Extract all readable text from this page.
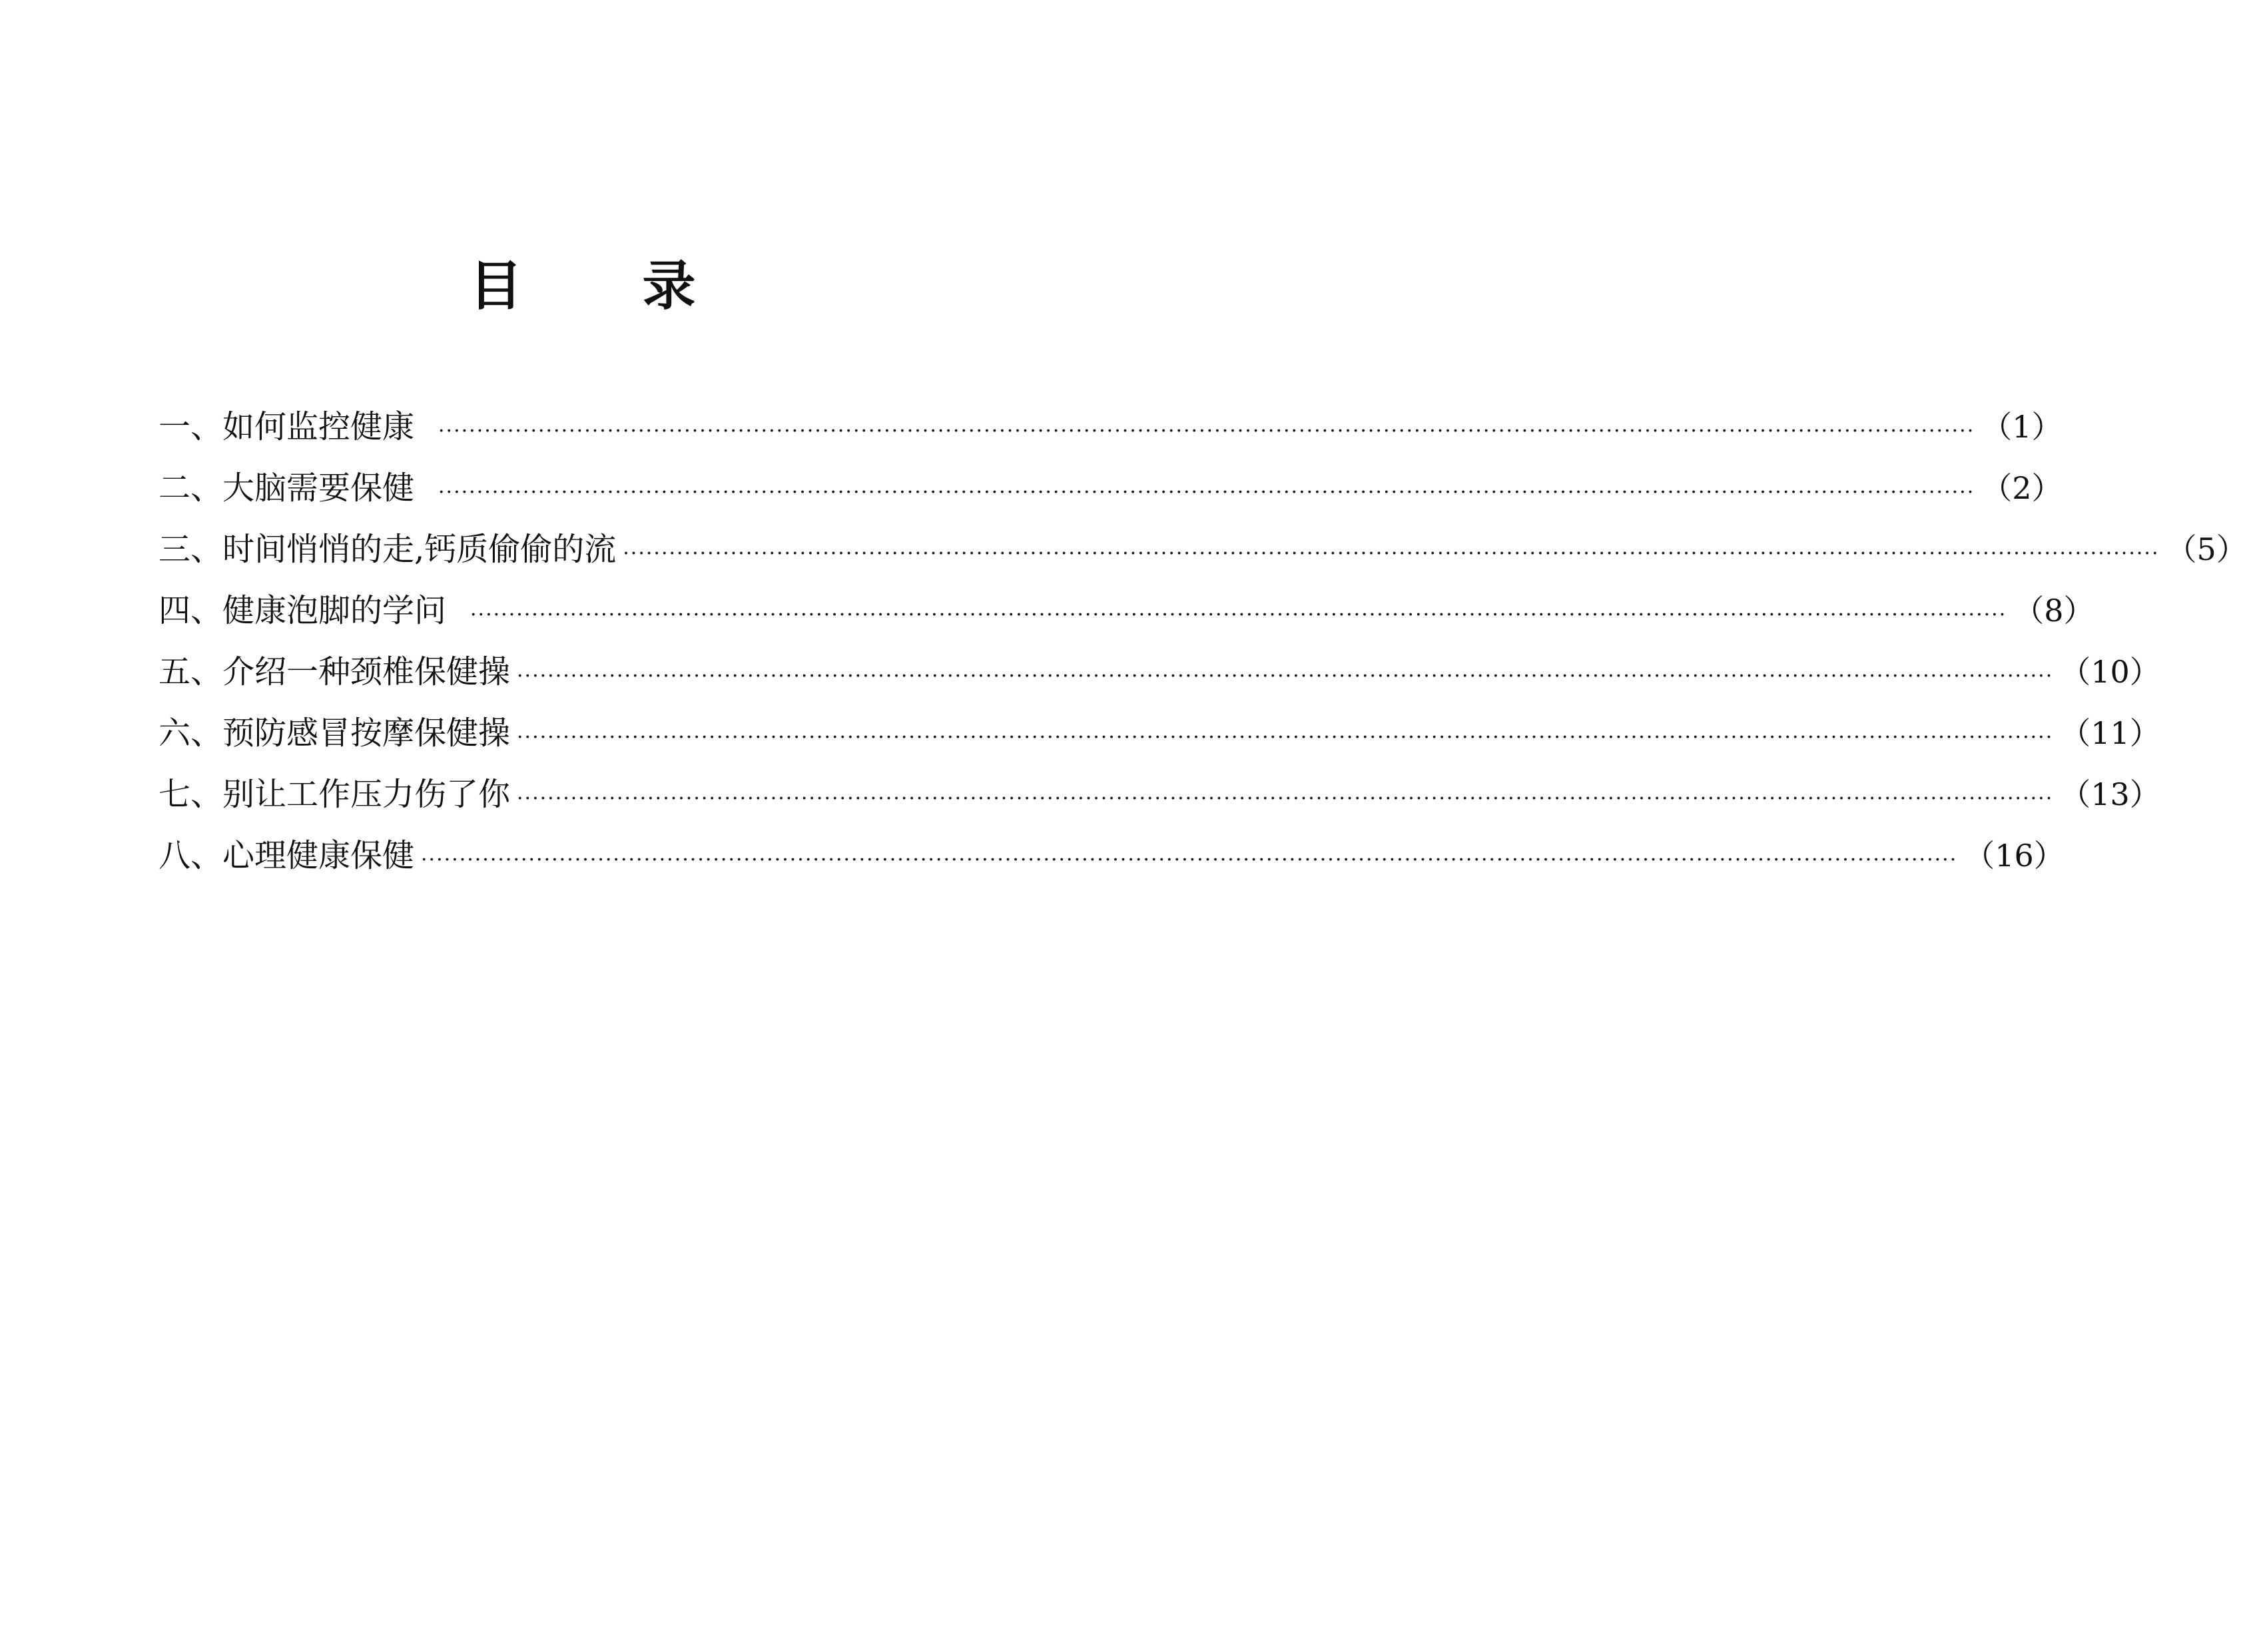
目录
一、如何监控健康 ········································································································································································································ （1）
二、大脑需要保健 ········································································································································································································ （2）
三、时间悄悄的走,钙质偷偷的流 ········································································································································································································ （5）
四、健康泡脚的学问 ········································································································································································································ （8）
五、介绍一种颈椎保健操 ········································································································································································································ （10）
六、预防感冒按摩保健操 ········································································································································································································ （11）
七、别让工作压力伤了你 ········································································································································································································ （13）
八、心理健康保健 ········································································································································································································ （16）
